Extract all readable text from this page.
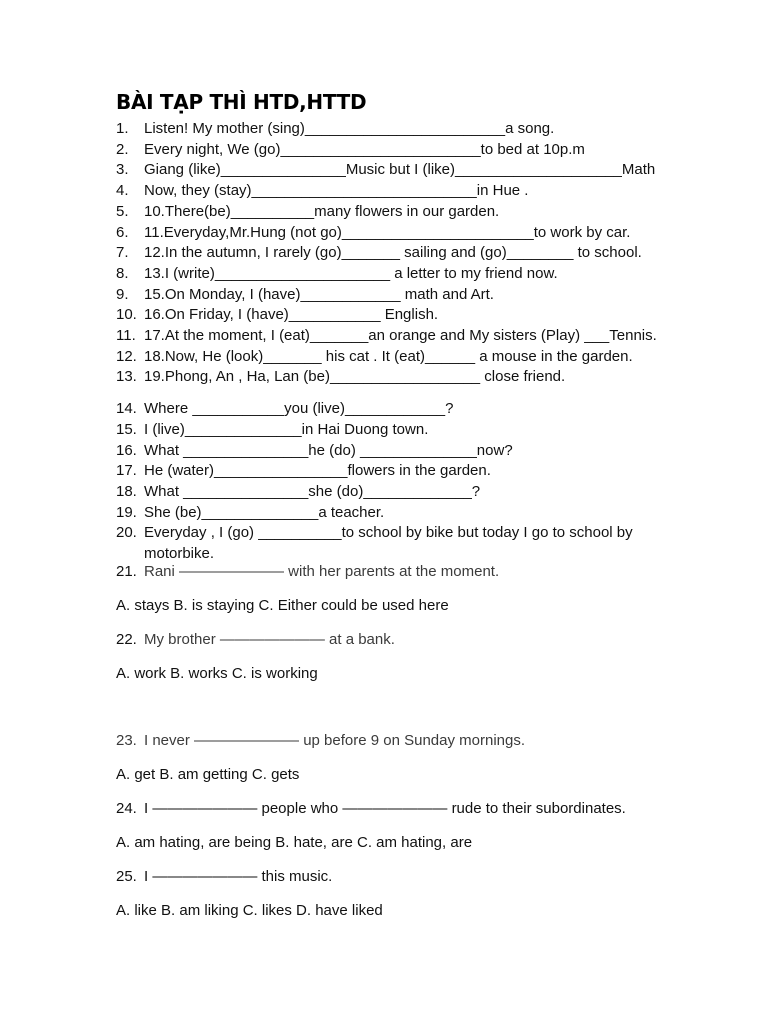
BÀI TẠP THÌ HTD,HTTD
1. Listen! My mother (sing)________________________a song.
2. Every night, We (go)________________________to bed at 10p.m
3. Giang (like)_______________Music but I (like)____________________Math
4. Now, they (stay)___________________________in Hue .
5. 10.There(be)__________many flowers in our garden.
6. 11.Everyday,Mr.Hung (not go)_______________________to work by car.
7. 12.In the autumn, I rarely (go)_______ sailing and (go)________ to school.
8. 13.I (write)_____________________ a letter to my friend now.
9. 15.On Monday, I (have)____________ math and Art.
10. 16.On Friday, I (have)___________ English.
11. 17.At the moment, I (eat)_______an orange and My sisters (Play) ___Tennis.
12. 18.Now, He (look)_______ his cat . It (eat)______ a mouse in the garden.
13. 19.Phong, An , Ha, Lan (be)__________________ close friend.
14. Where ___________you (live)____________?
15. I (live)______________in Hai Duong town.
16. What _______________he (do) ______________now?
17. He (water)________________flowers in the garden.
18. What _______________she (do)_____________?
19. She (be)______________a teacher.
20.Everyday , I (go) __________to school by bike but today I go to school by motorbike.
21. Rani ——————— with her parents at the moment.
A. stays B. is staying C. Either could be used here
22. My brother ——————— at a bank.
A. work B. works C. is working
23. I never ——————— up before 9 on Sunday mornings.
A. get B. am getting C. gets
24. I ——————— people who ——————— rude to their subordinates.
A. am hating, are being B. hate, are C. am hating, are
25. I ——————— this music.
A. like B. am liking C. likes D. have liked
